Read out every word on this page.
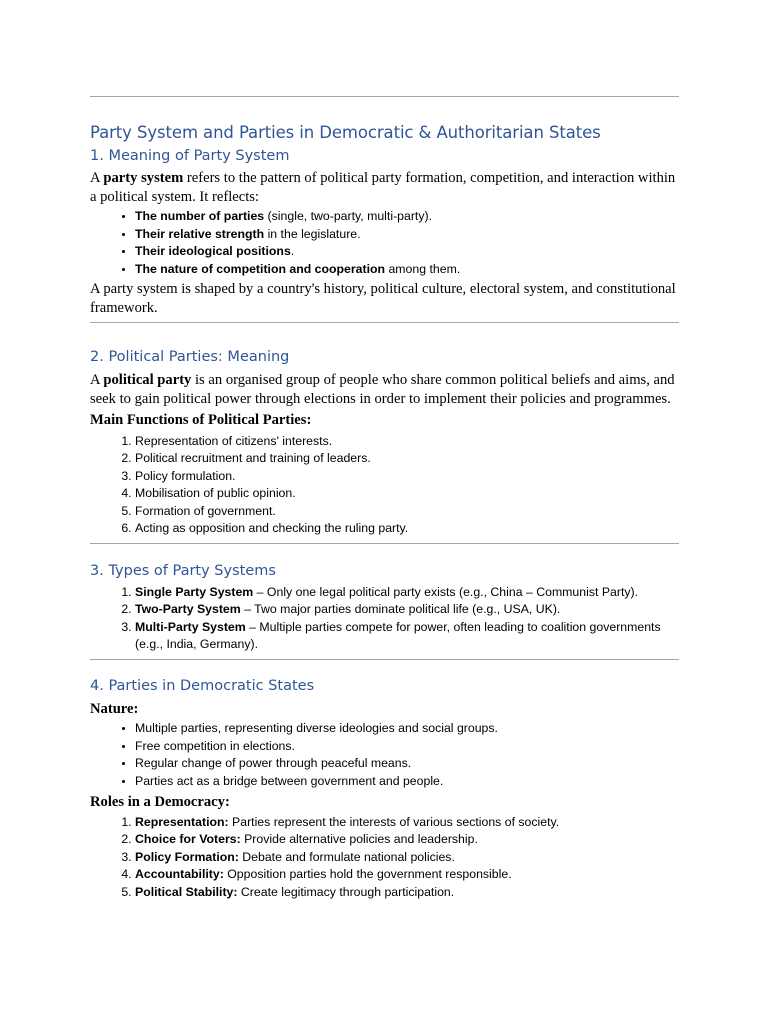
Party System and Parties in Democratic & Authoritarian States
1. Meaning of Party System

A party system refers to the pattern of political party formation, competition, and interaction within a political system. It reflects:

• The number of parties (single, two-party, multi-party).
• Their relative strength in the legislature.
• Their ideological positions.
• The nature of competition and cooperation among them.

A party system is shaped by a country's history, political culture, electoral system, and constitutional framework.

2. Political Parties: Meaning

A political party is an organised group of people who share common political beliefs and aims, and seek to gain political power through elections in order to implement their policies and programmes.

Main Functions of Political Parties:

1. Representation of citizens' interests.
2. Political recruitment and training of leaders.
3. Policy formulation.
4. Mobilisation of public opinion.
5. Formation of government.
6. Acting as opposition and checking the ruling party.
3. Types of Party Systems
1. Single Party System – Only one legal political party exists (e.g., China – Communist Party).
2. Two-Party System – Two major parties dominate political life (e.g., USA, UK).
3. Multi-Party System – Multiple parties compete for power, often leading to coalition governments (e.g., India, Germany).
4. Parties in Democratic States

Nature:

• Multiple parties, representing diverse ideologies and social groups.
• Free competition in elections.
• Regular change of power through peaceful means.
• Parties act as a bridge between government and people.

Roles in a Democracy:

1. Representation: Parties represent the interests of various sections of society.
2. Choice for Voters: Provide alternative policies and leadership.
3. Policy Formation: Debate and formulate national policies.
4. Accountability: Opposition parties hold the government responsible.
5. Political Stability: Create legitimacy through participation.
